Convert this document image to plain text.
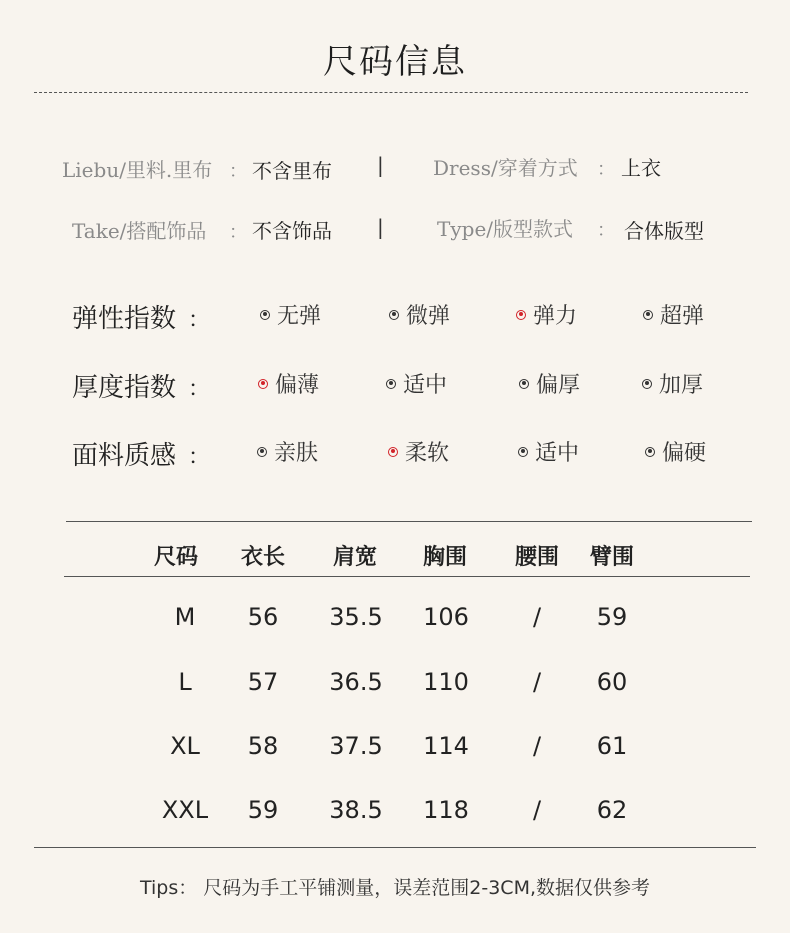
尺码信息
Liebu/里料.里布 ： 不含里布 | Dress/穿着方式 ： 上衣
Take/搭配饰品 ： 不含饰品 |	Type/版型款式 ： 合体版型
弹性指数 ：	无弹	微弹	弹力	超弹
厚度指数 ：	偏薄	适中	偏厚	加厚
面料质感 ：	亲肤	柔软	适中	偏硬
尺码 衣长 肩宽 胸围 腰围 臂围
M	56	35.5	106	/	59
L	57	36.5	110	/	60
XL	58	37.5	114	/	61
XXL	59	38.5	118	/	62
Tips： 尺码为手工平铺测量，误差范围2-3CM,数据仅供参考
